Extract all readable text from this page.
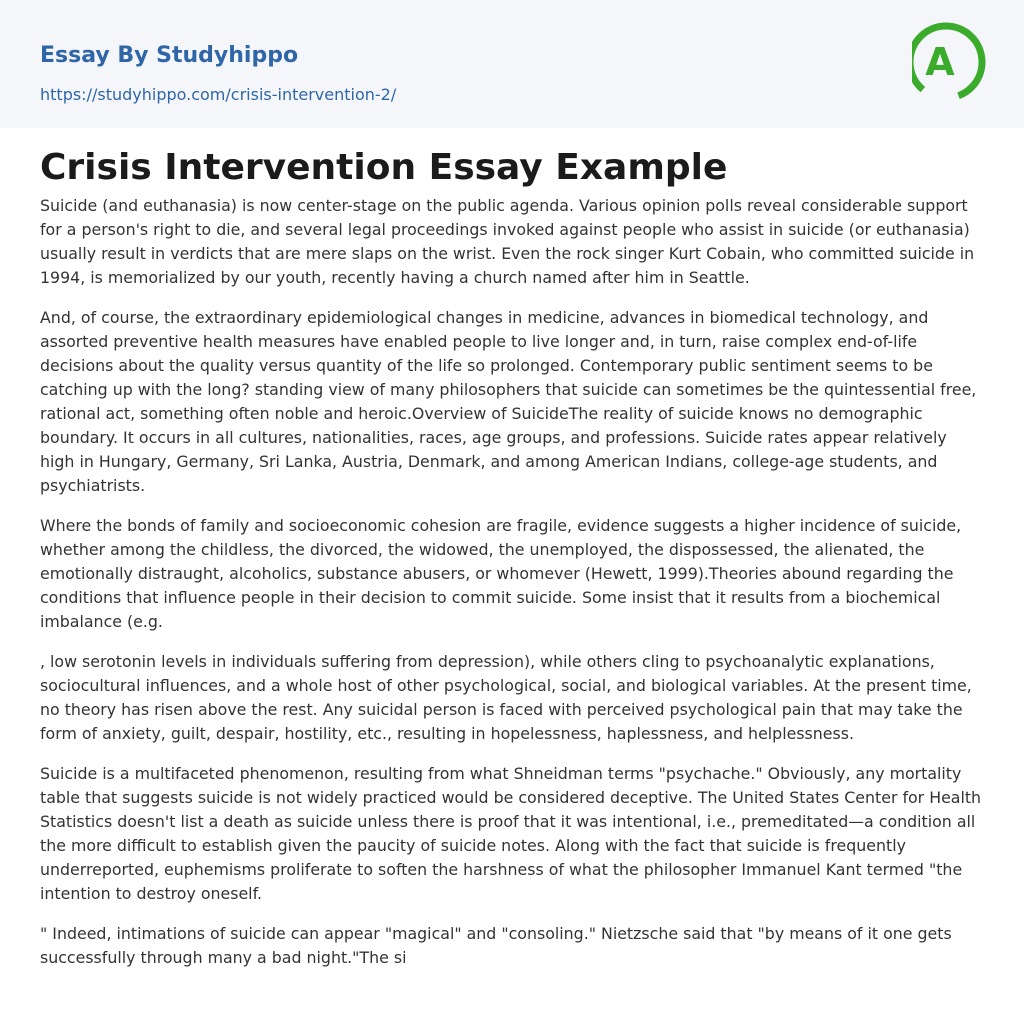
Essay By Studyhippo
https://studyhippo.com/crisis-intervention-2/
A
Crisis Intervention Essay Example

Suicide (and euthanasia) is now center-stage on the public agenda. Various opinion polls reveal considerable support for a person's right to die, and several legal proceedings invoked against people who assist in suicide (or euthanasia) usually result in verdicts that are mere slaps on the wrist. Even the rock singer Kurt Cobain, who committed suicide in 1994, is memorialized by our youth, recently having a church named after him in Seattle.

And, of course, the extraordinary epidemiological changes in medicine, advances in biomedical technology, and assorted preventive health measures have enabled people to live longer and, in turn, raise complex end-of-life decisions about the quality versus quantity of the life so prolonged. Contemporary public sentiment seems to be catching up with the long? standing view of many philosophers that suicide can sometimes be the quintessential free, rational act, something often noble and heroic.Overview of SuicideThe reality of suicide knows no demographic boundary. It occurs in all cultures, nationalities, races, age groups, and professions. Suicide rates appear relatively high in Hungary, Germany, Sri Lanka, Austria, Denmark, and among American Indians, college-age students, and psychiatrists.

Where the bonds of family and socioeconomic cohesion are fragile, evidence suggests a higher incidence of suicide, whether among the childless, the divorced, the widowed, the unemployed, the dispossessed, the alienated, the emotionally distraught, alcoholics, substance abusers, or whomever (Hewett, 1999).Theories abound regarding the conditions that influence people in their decision to commit suicide. Some insist that it results from a biochemical imbalance (e.g.

, low serotonin levels in individuals suffering from depression), while others cling to psychoanalytic explanations, sociocultural influences, and a whole host of other psychological, social, and biological variables. At the present time, no theory has risen above the rest. Any suicidal person is faced with perceived psychological pain that may take the form of anxiety, guilt, despair, hostility, etc., resulting in hopelessness, haplessness, and helplessness.

Suicide is a multifaceted phenomenon, resulting from what Shneidman terms "psychache." Obviously, any mortality table that suggests suicide is not widely practiced would be considered deceptive. The United States Center for Health Statistics doesn't list a death as suicide unless there is proof that it was intentional, i.e., premeditated—a condition all the more difficult to establish given the paucity of suicide notes. Along with the fact that suicide is frequently underreported, euphemisms proliferate to soften the harshness of what the philosopher Immanuel Kant termed "the intention to destroy oneself.

" Indeed, intimations of suicide can appear "magical" and "consoling." Nietzsche said that "by means of it one gets successfully through many a bad night."The si
